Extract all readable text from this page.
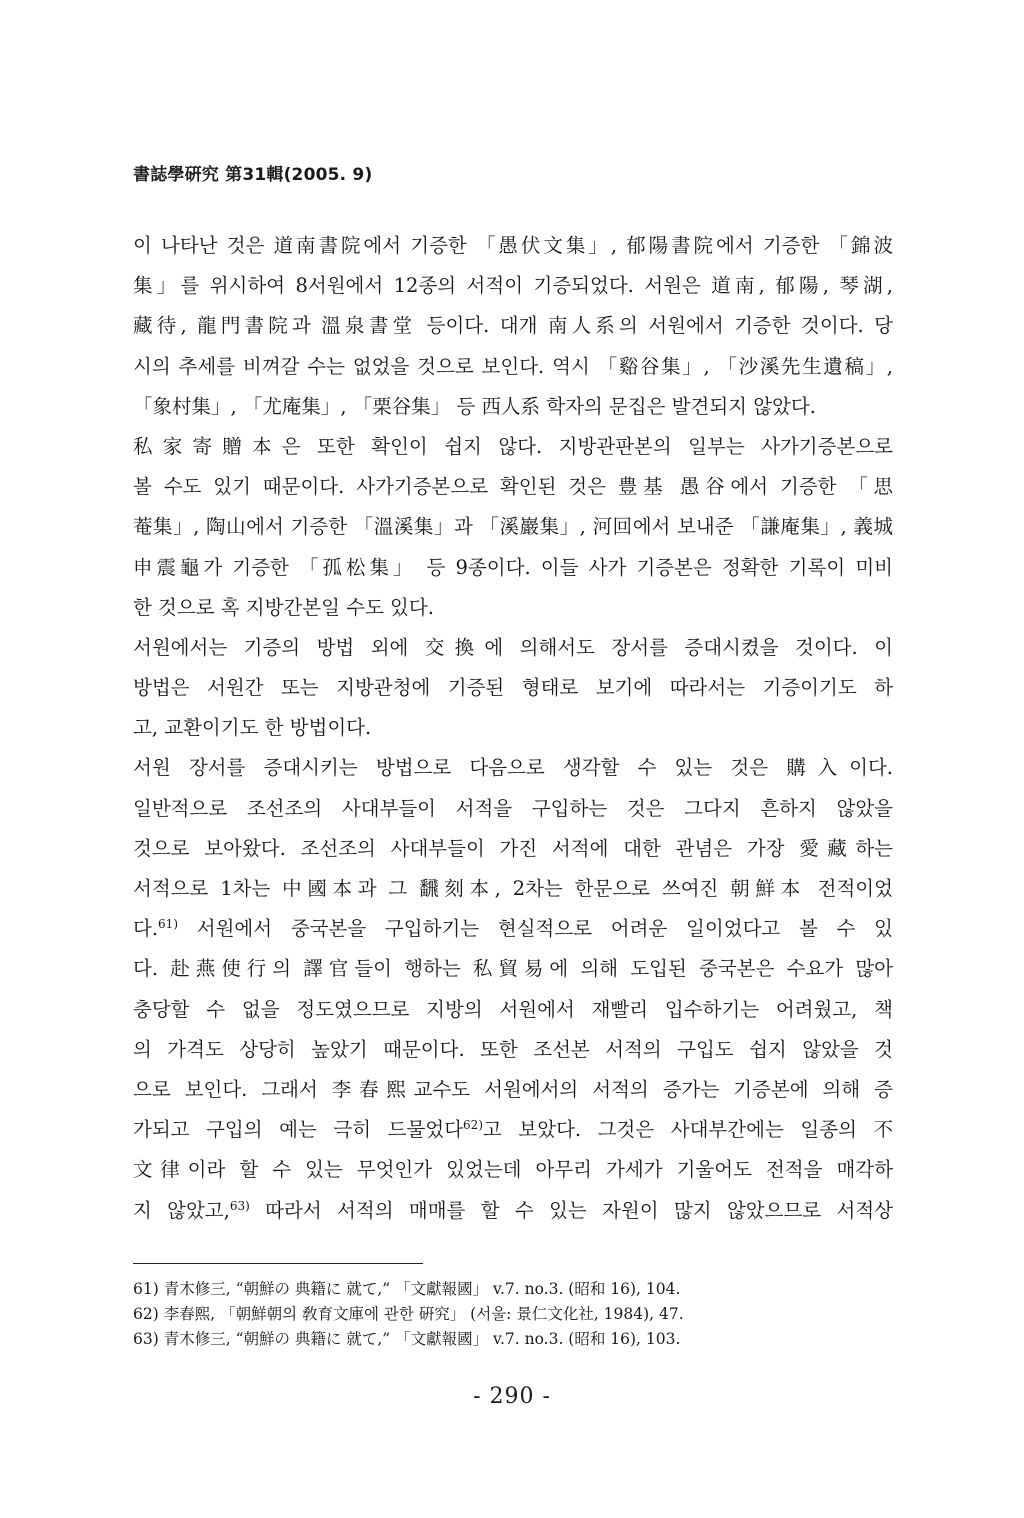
書誌學硏究 第31輯(2005. 9)
이 나타난 것은 道南書院에서 기증한 「愚伏文集」, 郁陽書院에서 기증한 「錦波
集」를 위시하여 8서원에서 12종의 서적이 기증되었다. 서원은 道南, 郁陽, 琴湖,
藏待, 龍門書院과 溫泉書堂 등이다. 대개 南人系의 서원에서 기증한 것이다. 당
시의 추세를 비껴갈 수는 없었을 것으로 보인다. 역시 「谿谷集」, 「沙溪先生遺稿」,
「象村集」, 「尤庵集」, 「栗谷集」 등 西人系 학자의 문집은 발견되지 않았다.
私家寄贈本은 또한 확인이 쉽지 않다. 지방관판본의 일부는 사가기증본으로
볼 수도 있기 때문이다. 사가기증본으로 확인된 것은 豊基 愚谷에서 기증한 「思
菴集」, 陶山에서 기증한 「溫溪集」과 「溪巖集」, 河回에서 보내준 「謙庵集」, 義城
申震龜가 기증한 「孤松集」 등 9종이다. 이들 사가 기증본은 정확한 기록이 미비
한 것으로 혹 지방간본일 수도 있다.
서원에서는 기증의 방법 외에 交換에 의해서도 장서를 증대시켰을 것이다. 이
방법은 서원간 또는 지방관청에 기증된 형태로 보기에 따라서는 기증이기도 하
고, 교환이기도 한 방법이다.
서원 장서를 증대시키는 방법으로 다음으로 생각할 수 있는 것은 購入이다.
일반적으로 조선조의 사대부들이 서적을 구입하는 것은 그다지 흔하지 않았을
것으로 보아왔다. 조선조의 사대부들이 가진 서적에 대한 관념은 가장 愛藏하는
서적으로 1차는 中國本과 그 飜刻本, 2차는 한문으로 쓰여진 朝鮮本 전적이었
다.$^{61)}$ 서원에서 중국본을 구입하기는 현실적으로 어려운 일이었다고 볼 수 있
다. 赴燕使行의 譯官들이 행하는 私貿易에 의해 도입된 중국본은 수요가 많아
충당할 수 없을 정도였으므로 지방의 서원에서 재빨리 입수하기는 어려웠고, 책
의 가격도 상당히 높았기 때문이다. 또한 조선본 서적의 구입도 쉽지 않았을 것
으로 보인다. 그래서 李春熙교수도 서원에서의 서적의 증가는 기증본에 의해 증
가되고 구입의 예는 극히 드물었다$^{62)}$고 보았다. 그것은 사대부간에는 일종의 不
文律이라 할 수 있는 무엇인가 있었는데 아무리 가세가 기울어도 전적을 매각하
지 않았고,$^{63)}$ 따라서 서적의 매매를 할 수 있는 자원이 많지 않았으므로 서적상
61) 青木修三, “朝鮮の 典籍に 就て,” 「文獻報國」 v.7. no.3. (昭和 16), 104.
62) 李春熙, 「朝鮮朝의 敎育文庫에 관한 硏究」 (서울: 景仁文化社, 1984), 47.
63) 青木修三, “朝鮮の 典籍に 就て,” 「文獻報國」 v.7. no.3. (昭和 16), 103.
- 290 -
